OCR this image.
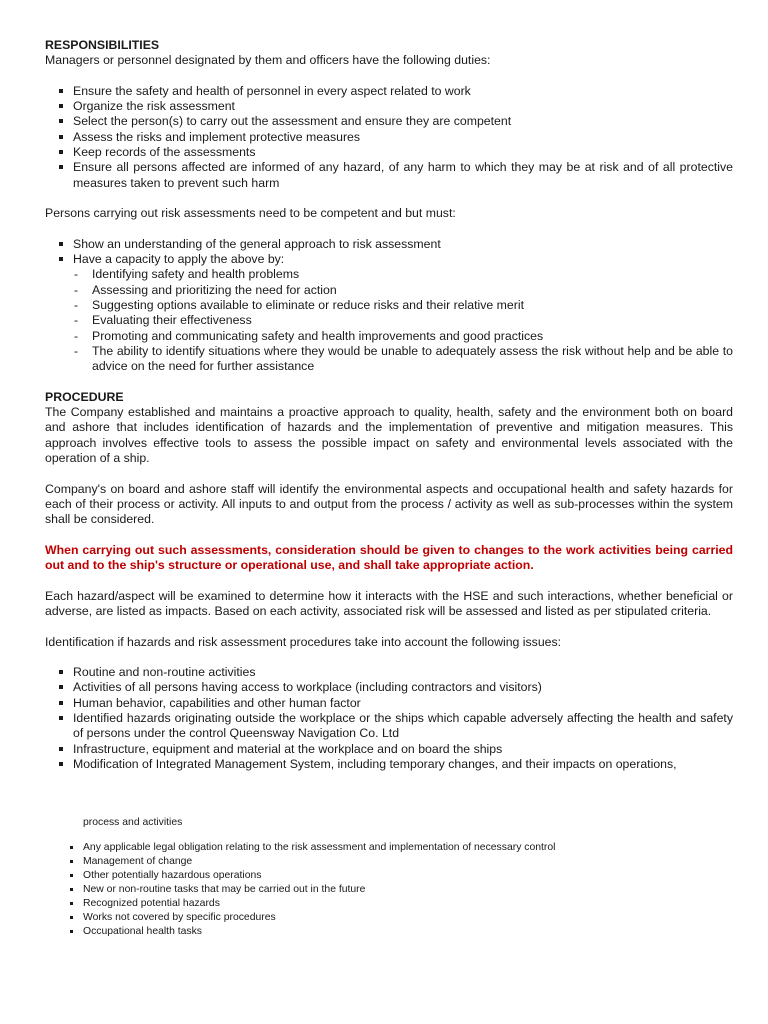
RESPONSIBILITIES

Managers or personnel designated by them and officers have the following duties:

Ensure the safety and health of personnel in every aspect related to work
Organize the risk assessment
Select the person(s) to carry out the assessment and ensure they are competent
Assess the risks and implement protective measures
Keep records of the assessments
Ensure all persons affected are informed of any hazard, of any harm to which they may be at risk and of all protective measures taken to prevent such harm

Persons carrying out risk assessments need to be competent and but must:

Show an understanding of the general approach to risk assessment
Have a capacity to apply the above by:
- Identifying safety and health problems
- Assessing and prioritizing the need for action
- Suggesting options available to eliminate or reduce risks and their relative merit
- Evaluating their effectiveness
- Promoting and communicating safety and health improvements and good practices
- The ability to identify situations where they would be unable to adequately assess the risk without help and be able to advice on the need for further assistance

PROCEDURE

The Company established and maintains a proactive approach to quality, health, safety and the environment both on board and ashore that includes identification of hazards and the implementation of preventive and mitigation measures. This approach involves effective tools to assess the possible impact on safety and environmental levels associated with the operation of a ship.

Company's on board and ashore staff will identify the environmental aspects and occupational health and safety hazards for each of their process or activity. All inputs to and output from the process / activity as well as sub-processes within the system shall be considered.

When carrying out such assessments, consideration should be given to changes to the work activities being carried out and to the ship's structure or operational use, and shall take appropriate action.

Each hazard/aspect will be examined to determine how it interacts with the HSE and such interactions, whether beneficial or adverse, are listed as impacts. Based on each activity, associated risk will be assessed and listed as per stipulated criteria.

Identification if hazards and risk assessment procedures take into account the following issues:

Routine and non-routine activities
Activities of all persons having access to workplace (including contractors and visitors)
Human behavior, capabilities and other human factor
Identified hazards originating outside the workplace or the ships which capable adversely affecting the health and safety of persons under the control Queensway Navigation Co. Ltd
Infrastructure, equipment and material at the workplace and on board the ships
Modification of Integrated Management System, including temporary changes, and their impacts on operations,

process and activities

Any applicable legal obligation relating to the risk assessment and implementation of necessary control
Management of change
Other potentially hazardous operations
New or non-routine tasks that may be carried out in the future
Recognized potential hazards
Works not covered by specific procedures
Occupational health tasks
